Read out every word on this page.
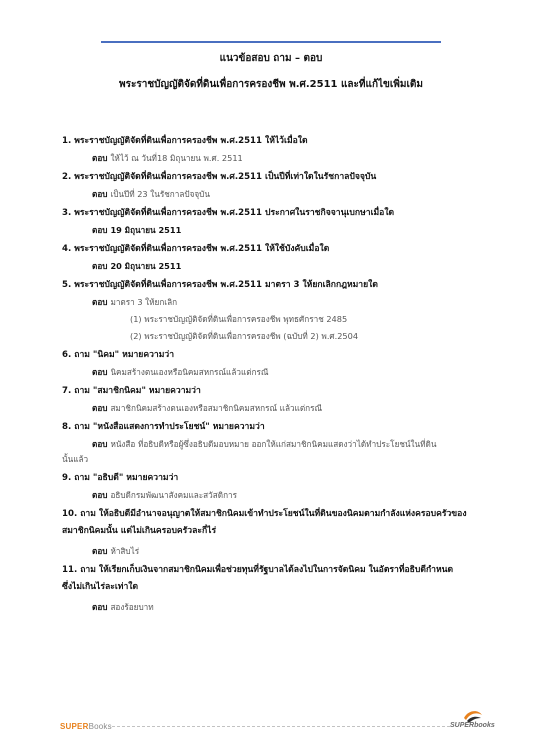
แนวข้อสอบ ถาม – ตอบ
พระราชบัญญัติจัดที่ดินเพื่อการครองชีพ พ.ศ.2511 และที่แก้ไขเพิ่มเติม

1. พระราชบัญญัติจัดที่ดินเพื่อการครองชีพ พ.ศ.2511 ให้ไว้เมื่อใด

ตอบ ให้ไว้ ณ วันที่18 มิถุนายน พ.ศ. 2511

2. พระราชบัญญัติจัดที่ดินเพื่อการครองชีพ พ.ศ.2511 เป็นปีที่เท่าใดในรัชกาลปัจจุบัน

ตอบ เป็นปีที่ 23 ในรัชกาลปัจจุบัน

3. พระราชบัญญัติจัดที่ดินเพื่อการครองชีพ พ.ศ.2511 ประกาศในราชกิจจานุเบกษาเมื่อใด

ตอบ 19 มิถุนายน 2511

4. พระราชบัญญัติจัดที่ดินเพื่อการครองชีพ พ.ศ.2511 ให้ใช้บังคับเมื่อใด

ตอบ 20 มิถุนายน 2511

5. พระราชบัญญัติจัดที่ดินเพื่อการครองชีพ พ.ศ.2511 มาตรา 3 ให้ยกเลิกกฎหมายใด

ตอบ มาตรา 3 ให้ยกเลิก

(1) พระราชบัญญัติจัดที่ดินเพื่อการครองชีพ พุทธศักราช 2485

(2) พระราชบัญญัติจัดที่ดินเพื่อการครองชีพ (ฉบับที่ 2) พ.ศ.2504

6. ถาม "นิคม" หมายความว่า

ตอบ นิคมสร้างตนเองหรือนิคมสหกรณ์แล้วแต่กรณี

7. ถาม "สมาชิกนิคม" หมายความว่า

ตอบ สมาชิกนิคมสร้างตนเองหรือสมาชิกนิคมสหกรณ์ แล้วแต่กรณี

8. ถาม "หนังสือแสดงการทำประโยชน์" หมายความว่า

ตอบ หนังสือ ที่อธิบดีหรือผู้ซึ่งอธิบดีมอบหมาย ออกให้แก่สมาชิกนิคมแสดงว่าได้ทำประโยชน์ในที่ดิน

นั้นแล้ว

9. ถาม "อธิบดี" หมายความว่า

ตอบ อธิบดีกรมพัฒนาสังคมและสวัสดิการ

10. ถาม ให้อธิบดีมีอำนาจอนุญาตให้สมาชิกนิคมเข้าทำประโยชน์ในที่ดินของนิคมตามกำลังแห่งครอบครัวของ

สมาชิกนิคมนั้น แต่ไม่เกินครอบครัวละกี่ไร่

ตอบ ห้าสิบไร่

11. ถาม ให้เรียกเก็บเงินจากสมาชิกนิคมเพื่อช่วยทุนที่รัฐบาลได้ลงไปในการจัดนิคม ในอัตราที่อธิบดีกำหนด

ซึ่งไม่เกินไร่ละเท่าใด

ตอบ สองร้อยบาท

SUPERBooks	SUPERbooks
